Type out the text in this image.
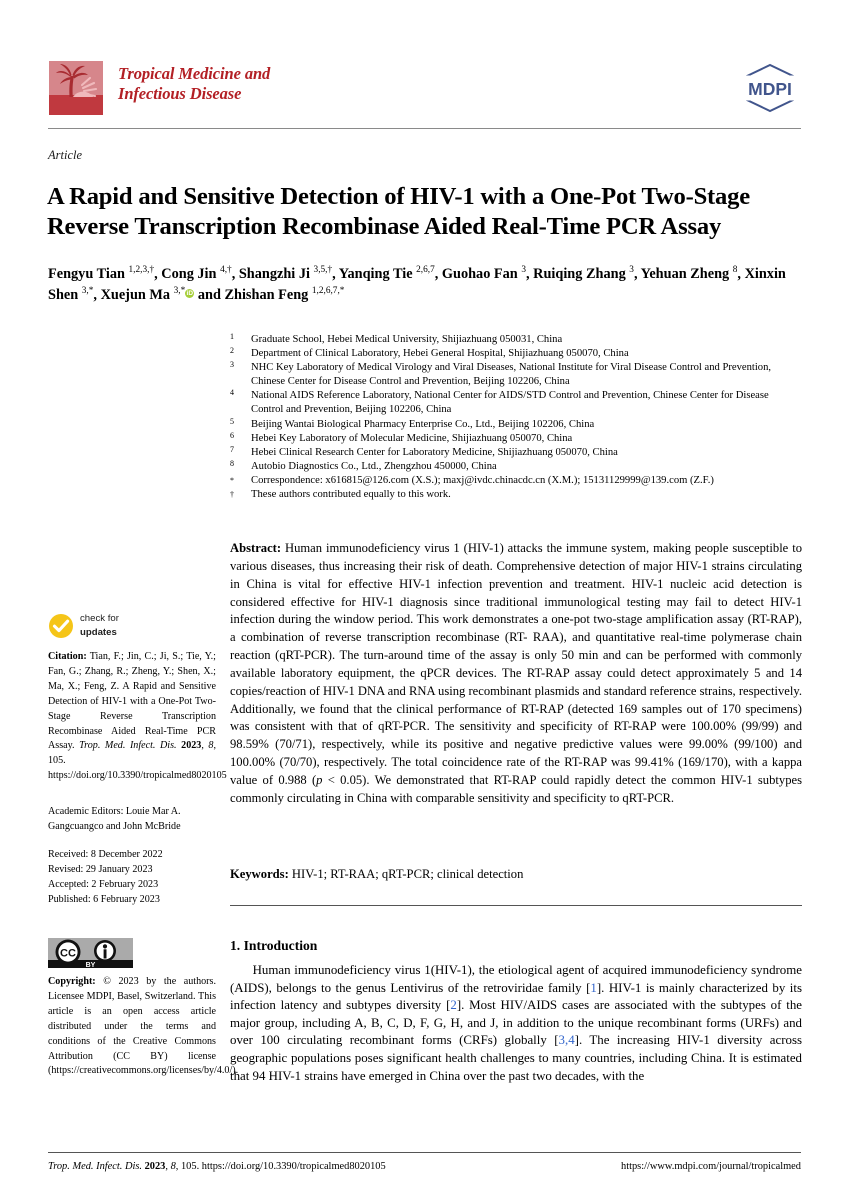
Tropical Medicine and
Infectious Disease	MDPI
Article
A Rapid and Sensitive Detection of HIV-1 with a One-Pot Two-Stage Reverse Transcription Recombinase Aided Real-Time PCR Assay
Fengyu Tian $^{1,2,3,\dagger}$, Cong Jin $^{4,\dagger}$, Shangzhi Ji $^{3,5,\dagger}$, Yanqing Tie $^{2,6,7}$, Guohao Fan $^3$, Ruiqing Zhang $^3$, Yehuan Zheng $^8$, Xinxin Shen $^{3,*}$, Xuejun Ma $^{3,*}$iD and Zhishan Feng $^{1,2,6,7,*}$
1	Graduate School, Hebei Medical University, Shijiazhuang 050031, China
2	Department of Clinical Laboratory, Hebei General Hospital, Shijiazhuang 050070, China
3	NHC Key Laboratory of Medical Virology and Viral Diseases, National Institute for Viral Disease Control and Prevention, Chinese Center for Disease Control and Prevention, Beijing 102206, China
4	National AIDS Reference Laboratory, National Center for AIDS/STD Control and Prevention, Chinese Center for Disease Control and Prevention, Beijing 102206, China
5	Beijing Wantai Biological Pharmacy Enterprise Co., Ltd., Beijing 102206, China
6	Hebei Key Laboratory of Molecular Medicine, Shijiazhuang 050070, China
7	Hebei Clinical Research Center for Laboratory Medicine, Shijiazhuang 050070, China
8	Autobio Diagnostics Co., Ltd., Zhengzhou 450000, China
*	Correspondence: x616815@126.com (X.S.); maxj@ivdc.chinacdc.cn (X.M.); 15131129999@139.com (Z.F.)
†	These authors contributed equally to this work.
Abstract: Human immunodeficiency virus 1 (HIV-1) attacks the immune system, making people susceptible to various diseases, thus increasing their risk of death. Comprehensive detection of major HIV-1 strains circulating in China is vital for effective HIV-1 infection prevention and treatment. HIV-1 nucleic acid detection is considered effective for HIV-1 diagnosis since traditional immunological testing may fail to detect HIV-1 infection during the window period. This work demonstrates a one-pot two-stage amplification assay (RT-RAP), a combination of reverse transcription recombinase (RT- RAA), and quantitative real-time polymerase chain reaction (qRT-PCR). The turn-around time of the assay is only 50 min and can be performed with commonly available laboratory equipment, the qPCR devices. The RT-RAP assay could detect approximately 5 and 14 copies/reaction of HIV-1 DNA and RNA using recombinant plasmids and standard reference strains, respectively. Additionally, we found that the clinical performance of RT-RAP (detected 169 samples out of 170 specimens) was consistent with that of qRT-PCR. The sensitivity and specificity of RT-RAP were 100.00% (99/99) and 98.59% (70/71), respectively, while its positive and negative predictive values were 99.00% (99/100) and 100.00% (70/70), respectively. The total coincidence rate of the RT-RAP was 99.41% (169/170), with a kappa value of 0.988 (p < 0.05). We demonstrated that RT-RAP could rapidly detect the common HIV-1 subtypes commonly circulating in China with comparable sensitivity and specificity to qRT-PCR.
Keywords: HIV-1; RT-RAA; qRT-PCR; clinical detection
1. Introduction
Human immunodeficiency virus 1(HIV-1), the etiological agent of acquired immunodeficiency syndrome (AIDS), belongs to the genus Lentivirus of the retroviridae family [1]. HIV-1 is mainly characterized by its infection latency and subtypes diversity [2]. Most HIV/AIDS cases are associated with the subtypes of the major group, including A, B, C, D, F, G, H, and J, in addition to the unique recombinant forms (URFs) and over 100 circulating recombinant forms (CRFs) globally [3,4]. The increasing HIV-1 diversity across geographic populations poses significant health challenges to many countries, including China. It is estimated that 94 HIV-1 strains have emerged in China over the past two decades, with the
check for
updates
Citation: Tian, F.; Jin, C.; Ji, S.; Tie, Y.; Fan, G.; Zhang, R.; Zheng, Y.; Shen, X.; Ma, X.; Feng, Z. A Rapid and Sensitive Detection of HIV-1 with a One-Pot Two-Stage Reverse Transcription Recombinase Aided Real-Time PCR Assay. Trop. Med. Infect. Dis. 2023, 8, 105. https://doi.org/10.3390/tropicalmed8020105
Academic Editors: Louie Mar A. Gangcuangco and John McBride
Received: 8 December 2022
Revised: 29 January 2023
Accepted: 2 February 2023
Published: 6 February 2023
CC
BY
Copyright: © 2023 by the authors. Licensee MDPI, Basel, Switzerland. This article is an open access article distributed under the terms and conditions of the Creative Commons Attribution (CC BY) license (https://creativecommons.org/licenses/by/4.0/).
Trop. Med. Infect. Dis. 2023, 8, 105. https://doi.org/10.3390/tropicalmed8020105	https://www.mdpi.com/journal/tropicalmed
